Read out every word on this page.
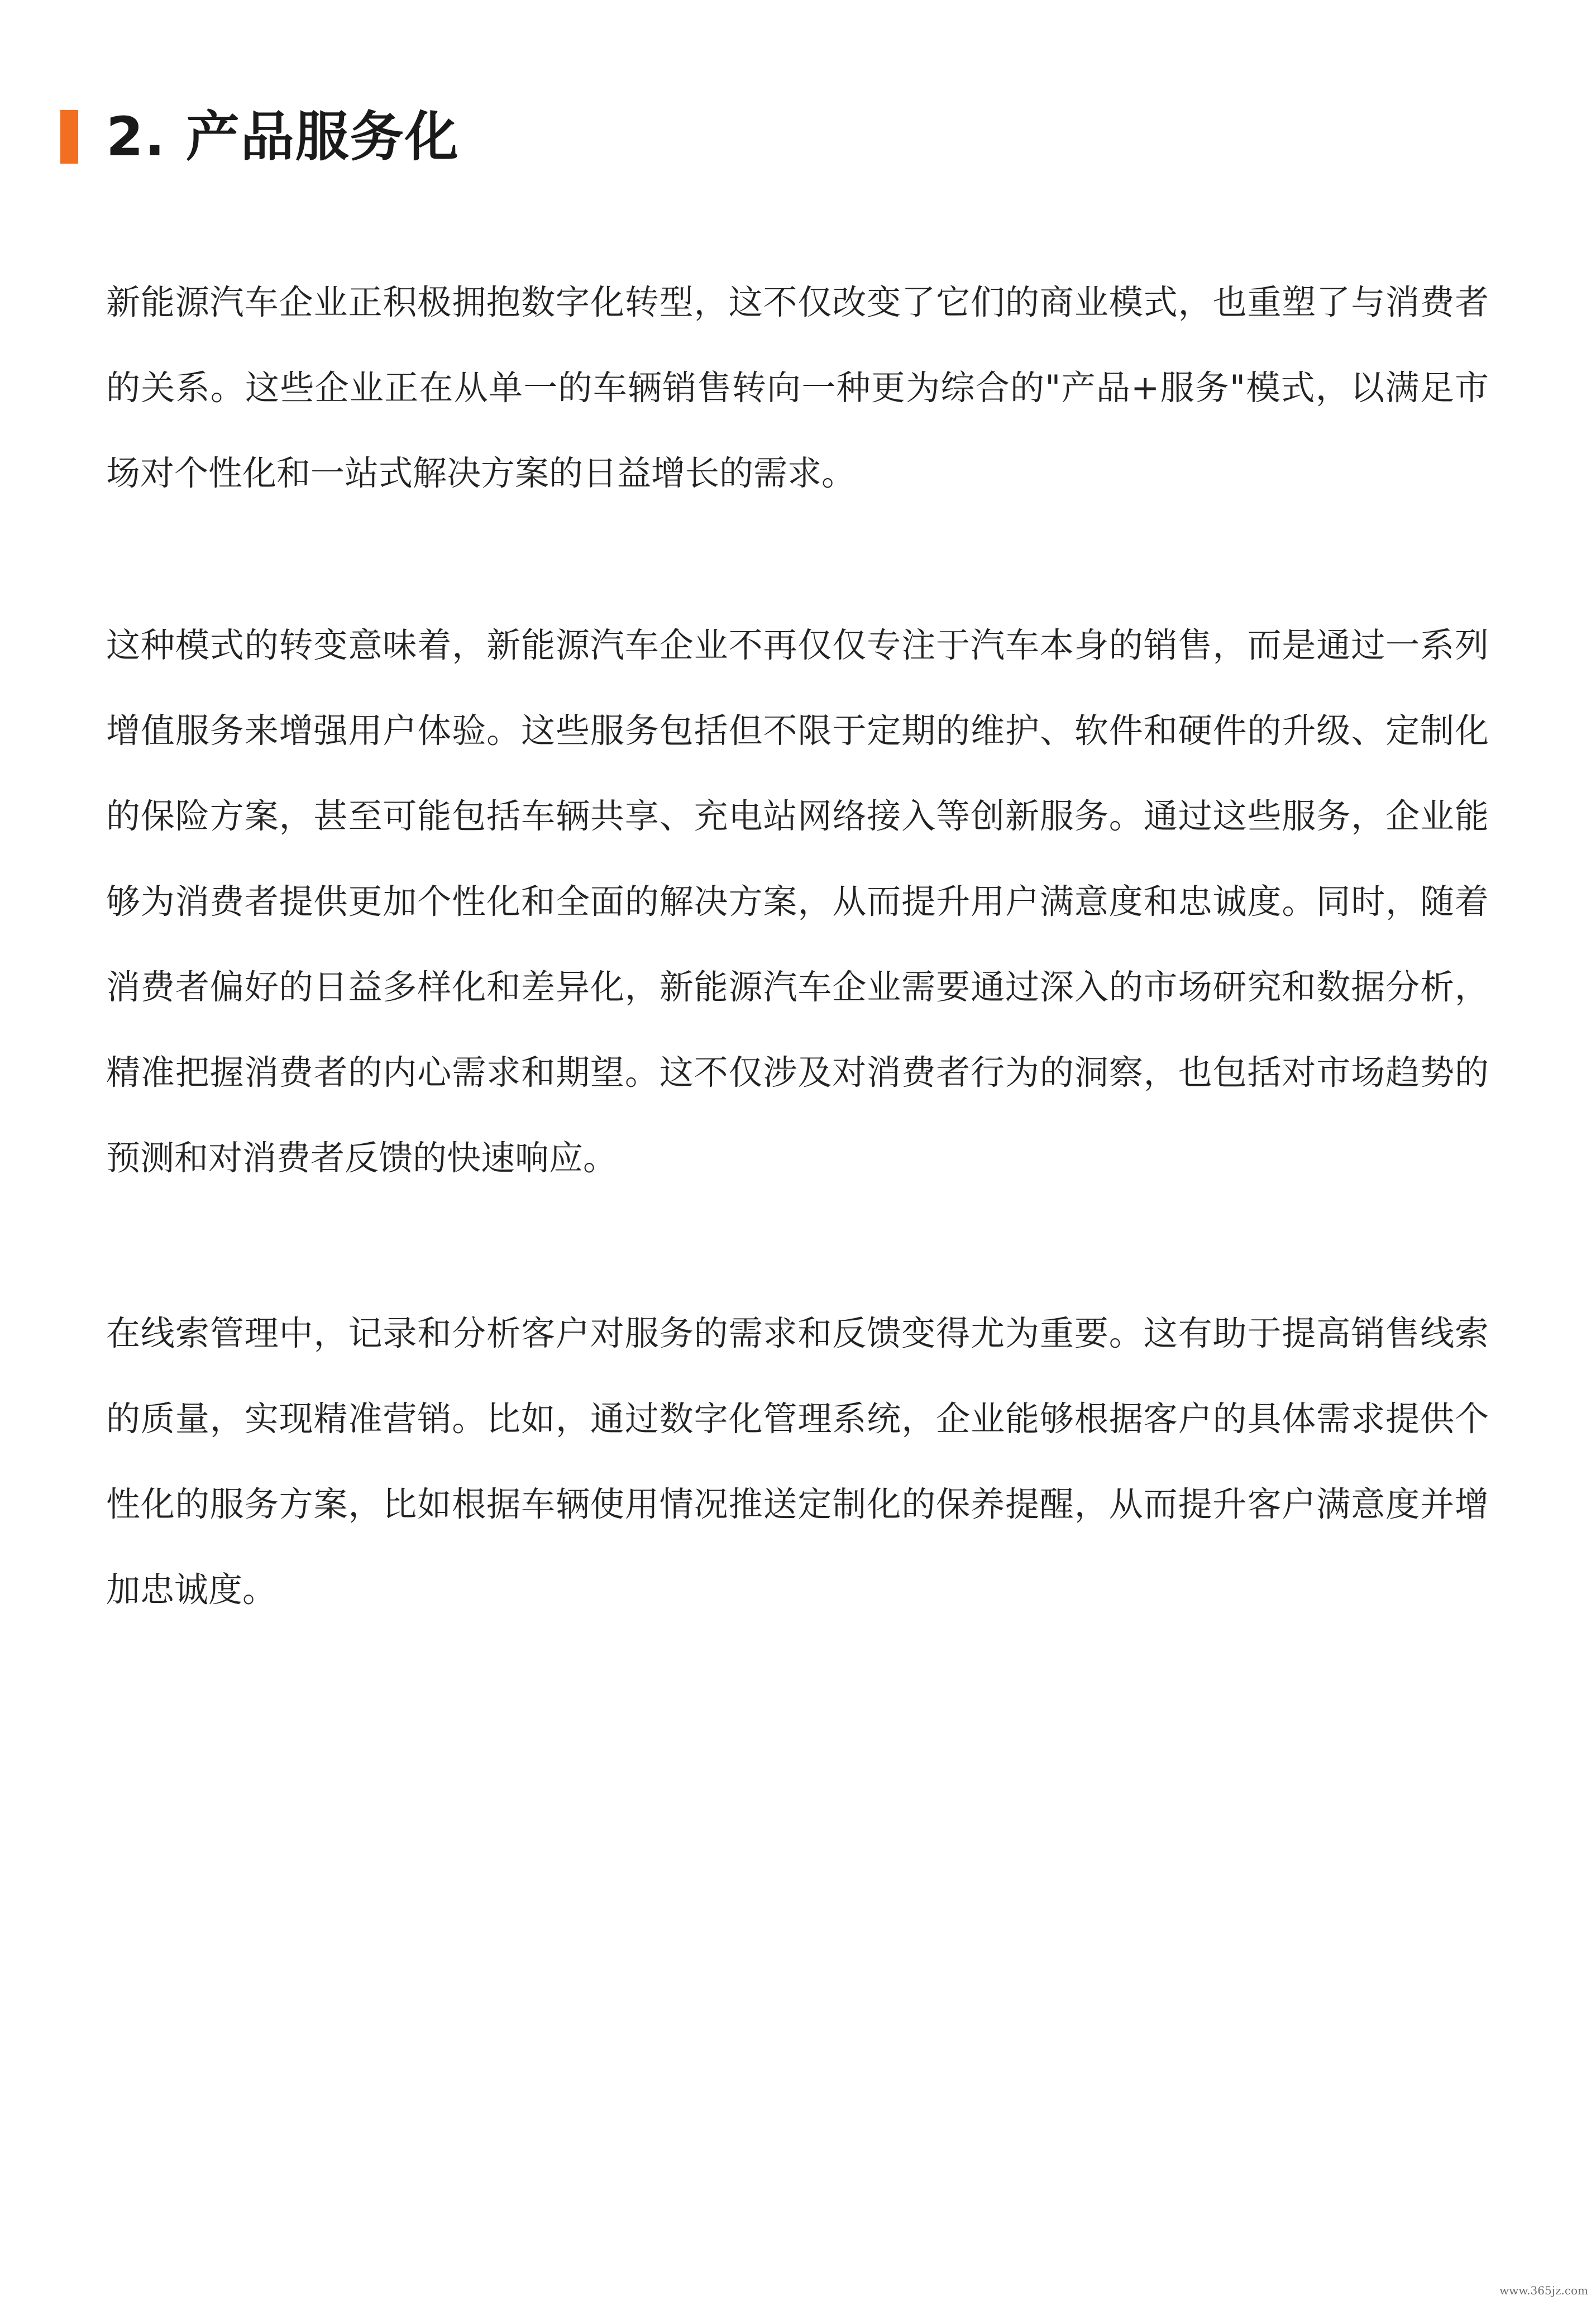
2. 产品服务化

新能源汽车企业正积极拥抱数字化转型，这不仅改变了它们的商业模式，也重塑了与消费者的关系。这些企业正在从单一的车辆销售转向一种更为综合的"产品+服务"模式，以满足市场对个性化和一站式解决方案的日益增长的需求。

这种模式的转变意味着，新能源汽车企业不再仅仅专注于汽车本身的销售，而是通过一系列增值服务来增强用户体验。这些服务包括但不限于定期的维护、软件和硬件的升级、定制化的保险方案，甚至可能包括车辆共享、充电站网络接入等创新服务。通过这些服务，企业能够为消费者提供更加个性化和全面的解决方案，从而提升用户满意度和忠诚度。同时，随着消费者偏好的日益多样化和差异化，新能源汽车企业需要通过深入的市场研究和数据分析，精准把握消费者的内心需求和期望。这不仅涉及对消费者行为的洞察，也包括对市场趋势的预测和对消费者反馈的快速响应。

在线索管理中，记录和分析客户对服务的需求和反馈变得尤为重要。这有助于提高销售线索的质量，实现精准营销。比如，通过数字化管理系统，企业能够根据客户的具体需求提供个性化的服务方案，比如根据车辆使用情况推送定制化的保养提醒，从而提升客户满意度并增加忠诚度。

www.365jz.com
